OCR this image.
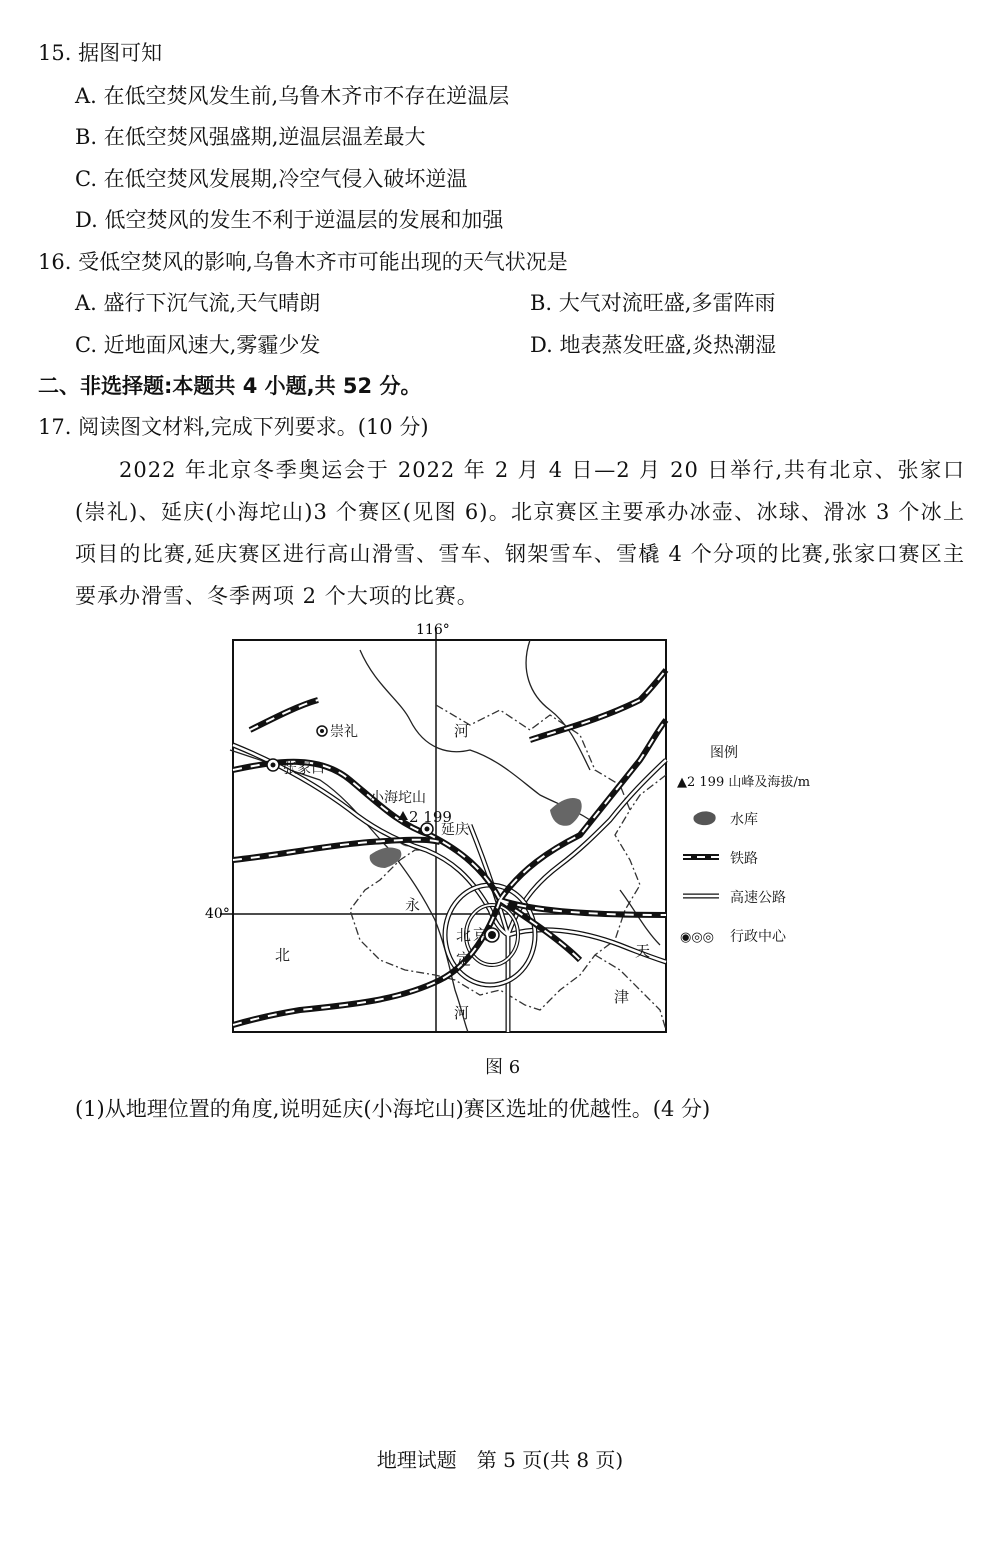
15. 据图可知
A. 在低空焚风发生前,乌鲁木齐市不存在逆温层
B. 在低空焚风强盛期,逆温层温差最大
C. 在低空焚风发展期,冷空气侵入破坏逆温
D. 低空焚风的发生不利于逆温层的发展和加强
16. 受低空焚风的影响,乌鲁木齐市可能出现的天气状况是
A. 盛行下沉气流,天气晴朗	B. 大气对流旺盛,多雷阵雨
C. 近地面风速大,雾霾少发	D. 地表蒸发旺盛,炎热潮湿
二、非选择题:本题共 4 小题,共 52 分。
17. 阅读图文材料,完成下列要求。(10 分)
2022 年北京冬季奥运会于 2022 年 2 月 4 日—2 月 20 日举行,共有北京、张家口(崇礼)、延庆(小海坨山)3 个赛区(见图 6)。北京赛区主要承办冰壶、冰球、滑冰 3 个冰上项目的比赛,延庆赛区进行高山滑雪、雪车、钢架雪车、雪橇 4 个分项的比赛,张家口赛区主要承办滑雪、冬季两项 2 个大项的比赛。
116°
40°
崇礼
张家口
小海坨山
2 199
延庆
北 京
河
永
定
河
北	天
津
图例
▲2 199 山峰及海拔/m
水库
铁路
高速公路
◉◎◎ 行政中心
图 6
(1)从地理位置的角度,说明延庆(小海坨山)赛区选址的优越性。(4 分)
地理试题　第 5 页(共 8 页)
